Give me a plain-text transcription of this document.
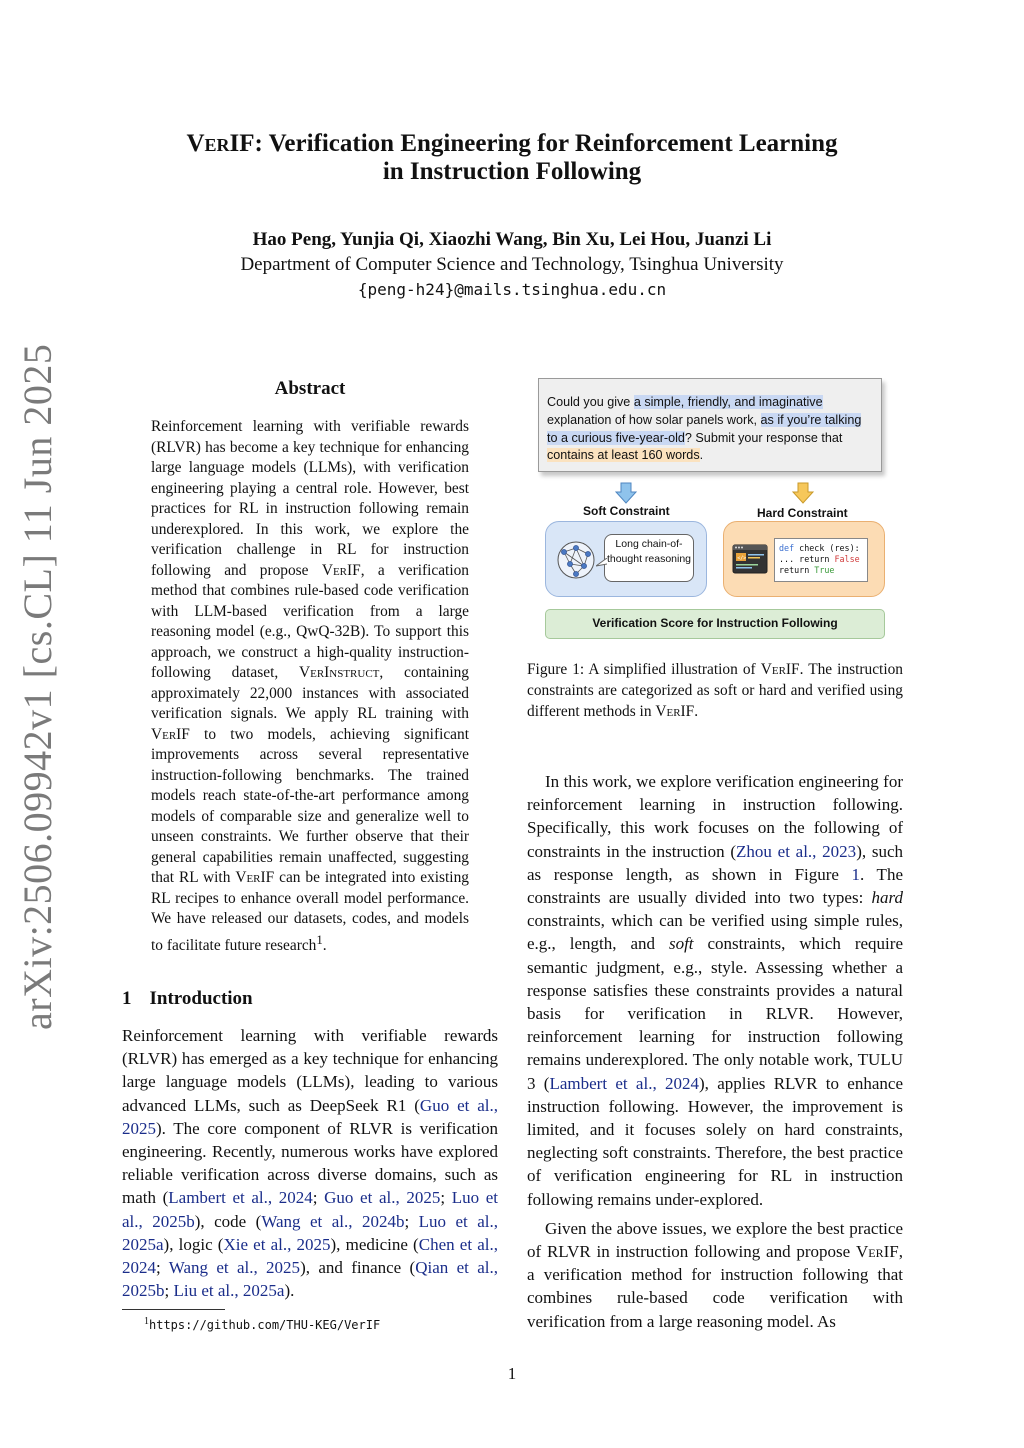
arXiv:2506.09942v1 [cs.CL] 11 Jun 2025
VerIF: Verification Engineering for Reinforcement Learning
in Instruction Following
Hao Peng, Yunjia Qi, Xiaozhi Wang, Bin Xu, Lei Hou, Juanzi Li
Department of Computer Science and Technology, Tsinghua University
{peng-h24}@mails.tsinghua.edu.cn
Abstract
Reinforcement learning with verifiable rewards (RLVR) has become a key technique for enhancing large language models (LLMs), with verification engineering playing a central role. However, best practices for RL in instruction following remain underexplored. In this work, we explore the verification challenge in RL for instruction following and propose VerIF, a verification method that combines rule-based code verification with LLM-based verification from a large reasoning model (e.g., QwQ-32B). To support this approach, we construct a high-quality instruction-following dataset, VerInstruct, containing approximately 22,000 instances with associated verification signals. We apply RL training with VerIF to two models, achieving significant improvements across several representative instruction-following benchmarks. The trained models reach state-of-the-art performance among models of comparable size and generalize well to unseen constraints. We further observe that their general capabilities remain unaffected, suggesting that RL with VerIF can be integrated into existing RL recipes to enhance overall model performance. We have released our datasets, codes, and models to facilitate future research$^1$.
1 Introduction
Reinforcement learning with verifiable rewards (RLVR) has emerged as a key technique for enhancing large language models (LLMs), leading to various advanced LLMs, such as DeepSeek R1 (Guo et al., 2025). The core component of RLVR is verification engineering. Recently, numerous works have explored reliable verification across diverse domains, such as math (Lambert et al., 2024; Guo et al., 2025; Luo et al., 2025b), code (Wang et al., 2024b; Luo et al., 2025a), logic (Xie et al., 2025), medicine (Chen et al., 2024; Wang et al., 2025), and finance (Qian et al., 2025b; Liu et al., 2025a).
$^1$https://github.com/THU-KEG/VerIF
Could you give a simple, friendly, and imaginative explanation of how solar panels work, as if you’re talking to a curious five-year-old? Submit your response that contains at least 160 words.
Soft Constraint	Hard Constraint
Long chain-of-thought reasoning	</>
def check (res):
... return False
return True
Verification Score for Instruction Following
Figure 1: A simplified illustration of VerIF. The instruction constraints are categorized as soft or hard and verified using different methods in VerIF.

In this work, we explore verification engineering for reinforcement learning in instruction following. Specifically, this work focuses on the following of constraints in the instruction (Zhou et al., 2023), such as response length, as shown in Figure 1. The constraints are usually divided into two types: hard constraints, which can be verified using simple rules, e.g., length, and soft constraints, which require semantic judgment, e.g., style. Assessing whether a response satisfies these constraints provides a natural basis for verification in RLVR. However, reinforcement learning for instruction following remains underexplored. The only notable work, TULU 3 (Lambert et al., 2024), applies RLVR to enhance instruction following. However, the improvement is limited, and it focuses solely on hard constraints, neglecting soft constraints. Therefore, the best practice of verification engineering for RL in instruction following remains under-explored.

Given the above issues, we explore the best practice of RLVR in instruction following and propose VerIF, a verification method for instruction following that combines rule-based code verification with verification from a large reasoning model. As

1
